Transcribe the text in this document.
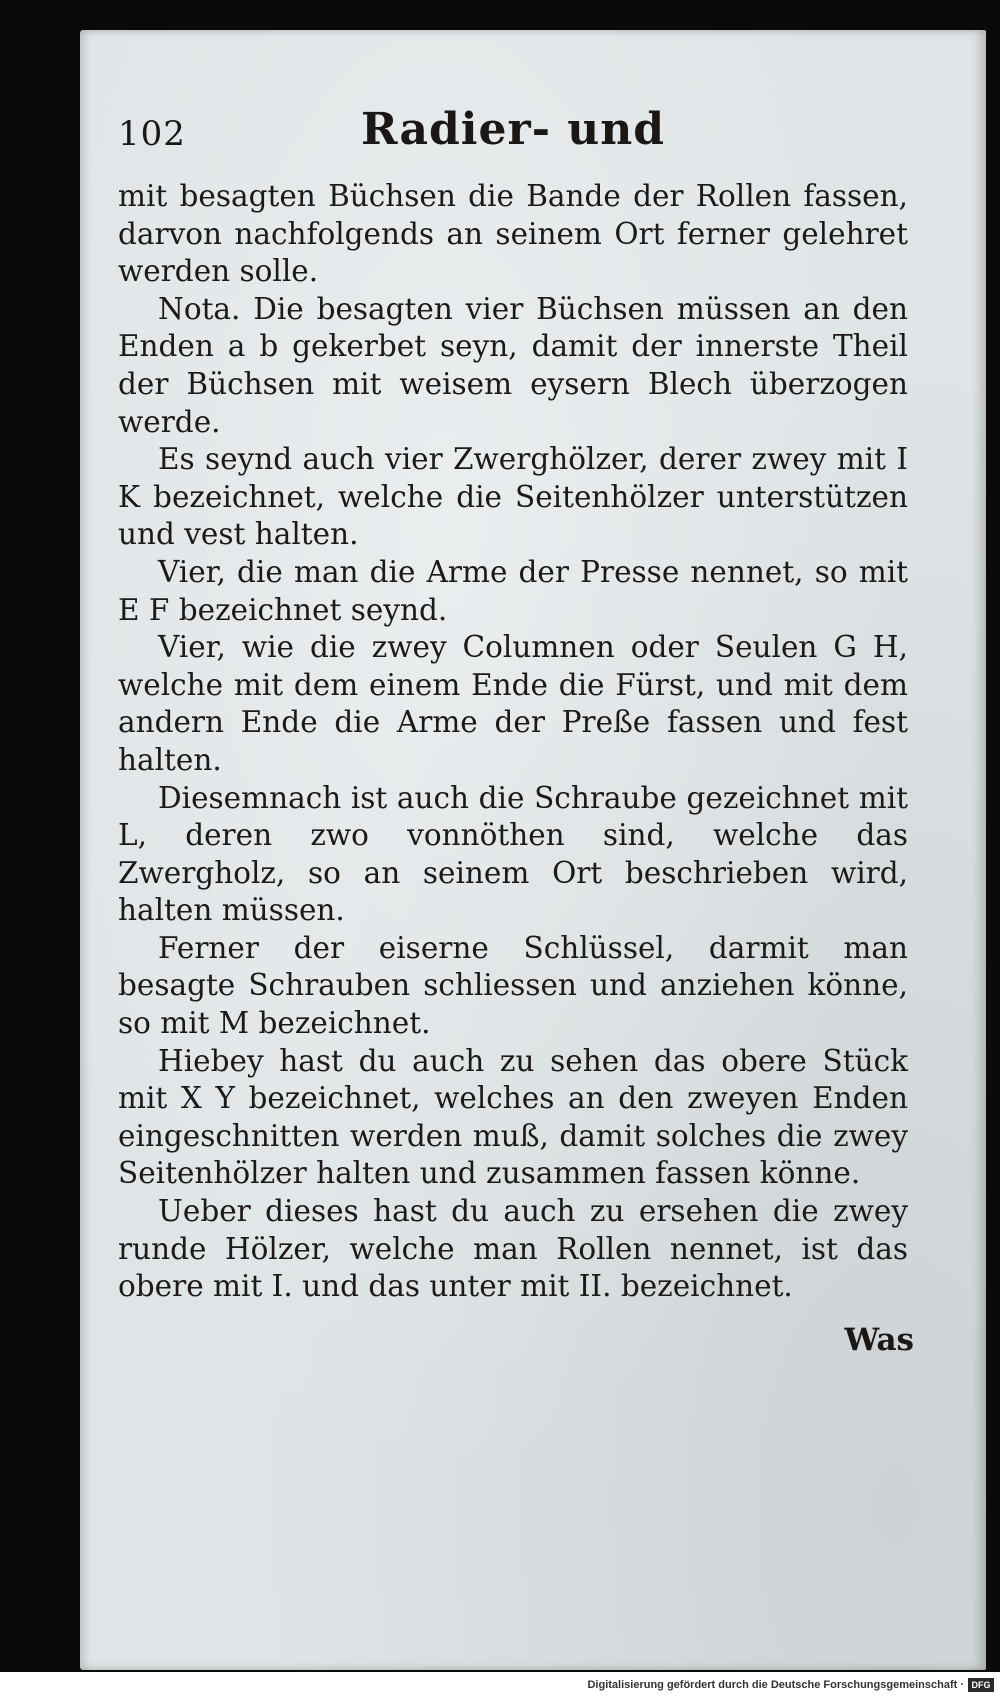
102	Radier- und

mit besagten Büchsen die Bande der Rollen fassen, darvon nachfolgends an seinem Ort ferner gelehret werden solle.

Nota. Die besagten vier Büchsen müssen an den Enden a b gekerbet seyn, damit der innerste Theil der Büchsen mit weisem eysern Blech überzogen werde.

Es seynd auch vier Zwerghölzer, derer zwey mit I K bezeichnet, welche die Seitenhölzer unterstützen und vest halten.

Vier, die man die Arme der Presse nennet, so mit E F bezeichnet seynd.

Vier, wie die zwey Columnen oder Seulen G H, welche mit dem einem Ende die Fürst, und mit dem andern Ende die Arme der Preße fassen und fest halten.

Diesemnach ist auch die Schraube gezeichnet mit L, deren zwo vonnöthen sind, welche das Zwergholz, so an seinem Ort beschrieben wird, halten müssen.

Ferner der eiserne Schlüssel, darmit man besagte Schrauben schliessen und anziehen könne, so mit M bezeichnet.

Hiebey hast du auch zu sehen das obere Stück mit X Y bezeichnet, welches an den zweyen Enden eingeschnitten werden muß, damit solches die zwey Seitenhölzer halten und zusammen fassen könne.

Ueber dieses hast du auch zu ersehen die zwey runde Hölzer, welche man Rollen nennet, ist das obere mit I. und das unter mit II. bezeichnet.

Was
Digitalisierung gefördert durch die Deutsche Forschungsgemeinschaft · DFG
